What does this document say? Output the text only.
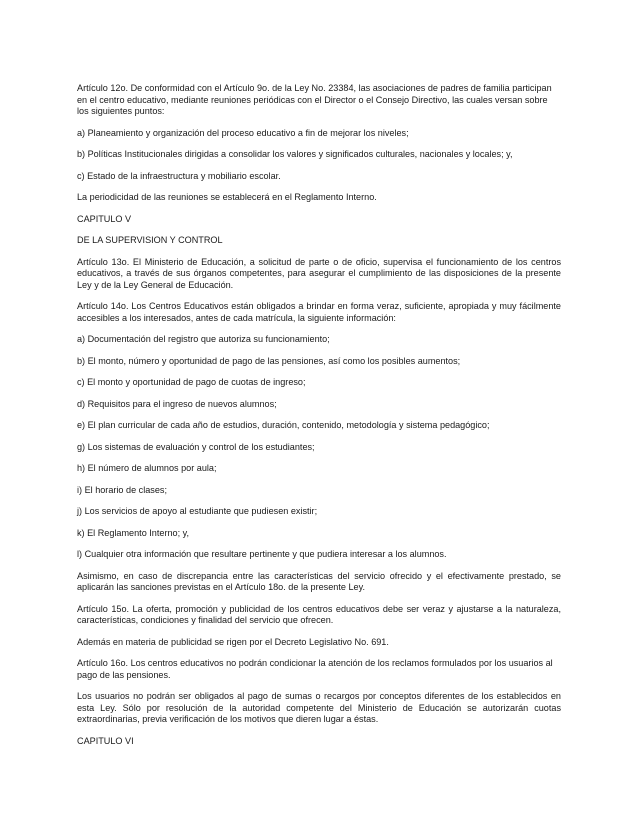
Artículo 12o. De conformidad con el Artículo 9o. de la Ley No. 23384, las asociaciones de padres de familia participan en el centro educativo, mediante reuniones periódicas con el Director o el Consejo Directivo, las cuales versan sobre los siguientes puntos:

a) Planeamiento y organización del proceso educativo a fin de mejorar los niveles;

b) Políticas Institucionales dirigidas a consolidar los valores y significados culturales, nacionales y locales; y,

c) Estado de la infraestructura y mobiliario escolar.

La periodicidad de las reuniones se establecerá en el Reglamento Interno.

CAPITULO V

DE LA SUPERVISION Y CONTROL

Artículo 13o. El Ministerio de Educación, a solicitud de parte o de oficio, supervisa el funcionamiento de los centros educativos, a través de sus órganos competentes, para asegurar el cumplimiento de las disposiciones de la presente Ley y de la Ley General de Educación.

Artículo 14o. Los Centros Educativos están obligados a brindar en forma veraz, suficiente, apropiada y muy fácilmente accesibles a los interesados, antes de cada matrícula, la siguiente información:

a) Documentación del registro que autoriza su funcionamiento;

b) El monto, número y oportunidad de pago de las pensiones, así como los posibles aumentos;

c) El monto y oportunidad de pago de cuotas de ingreso;

d) Requisitos para el ingreso de nuevos alumnos;

e) El plan curricular de cada año de estudios, duración, contenido, metodología y sistema pedagógico;

g) Los sistemas de evaluación y control de los estudiantes;

h) El número de alumnos por aula;

i) El horario de clases;

j) Los servicios de apoyo al estudiante que pudiesen existir;

k) El Reglamento Interno; y,

l) Cualquier otra información que resultare pertinente y que pudiera interesar a los alumnos.

Asimismo, en caso de discrepancia entre las características del servicio ofrecido y el efectivamente prestado, se aplicarán las sanciones previstas en el Artículo 18o. de la presente Ley.

Artículo 15o. La oferta, promoción y publicidad de los centros educativos debe ser veraz y ajustarse a la naturaleza, características, condiciones y finalidad del servicio que ofrecen.

Además en materia de publicidad se rigen por el Decreto Legislativo No. 691.

Artículo 16o. Los centros educativos no podrán condicionar la atención de los reclamos formulados por los usuarios al pago de las pensiones.

Los usuarios no podrán ser obligados al pago de sumas o recargos por conceptos diferentes de los establecidos en esta Ley. Sólo por resolución de la autoridad competente del Ministerio de Educación se autorizarán cuotas extraordinarias, previa verificación de los motivos que dieren lugar a éstas.

CAPITULO VI
